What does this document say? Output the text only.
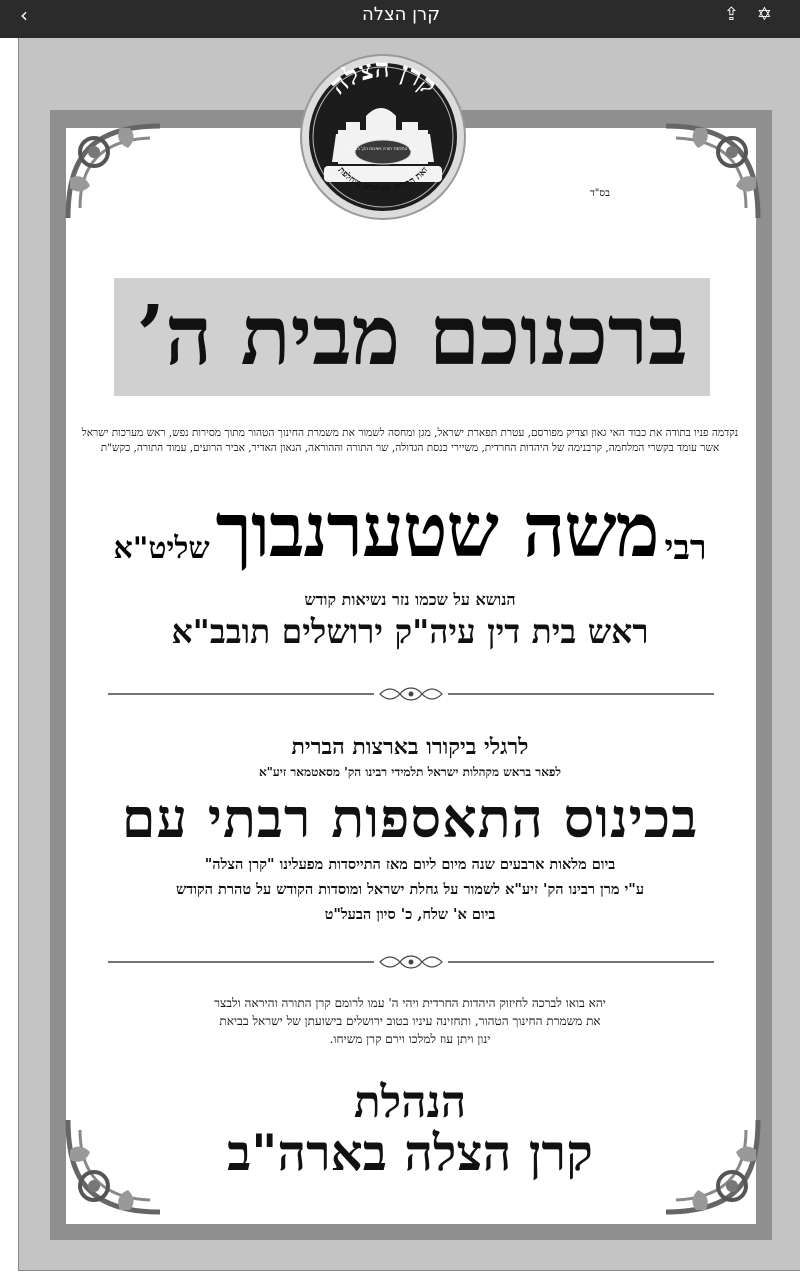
‹	קרן הצלה	⇪✡
קרן הצלה
לקיום התלמוד תורה וישיבות הק' בעה"ק
זאת התורה לא תהא מוחלפת
בס"ד
ברכנוכם מבית ה’
נקדמה פניו בתודה את כבוד האי גאון וצדיק מפורסם, עטרת תפארת ישראל, מגן ומחסה לשמור את משמרת החינוך הטהור מתוך מסירות נפש, ראש מערכות ישראל אשר עומד בקשרי המלחמה, קרבנימה של היהדות החרדית, משיירי כנסת הגדולה, שר התורה וההוראה, הגאון האדיר, אביר הרועים, עמוד התורה, כקש"ת
רבימשה שטערנבוךשליט"א
הנושא על שכמו נזר נשיאות קודש
ראש בית דין עיה"ק ירושלים תובב"א
לרגלי ביקורו בארצות הברית
לפאר בראש מקהלות ישראל תלמידי רבינו הק' מסאטמאר זיע"א
בכינוס התאספות רבתי עם
ביום מלאות ארבעים שנה מיום ליום מאז התייסדות מפעלינו "קרן הצלה"
ע"י מרן רבינו הק' זיע"א לשמור על גחלת ישראל ומוסדות הקודש על טהרת הקודש
ביום א' שלח, כ' סיון הבעל"ט
יהא בואו לברכה לחיזוק היהדות החרדית ויהי ה' עמו לרומם קרן התורה והיראה ולבצר
את משמרת החינוך הטהור, ותחזינה עיניו בטוב ירושלים בישועתן של ישראל בביאת
ינון ויתן עוז למלכו וירם קרן משיחו.
הנהלת
קרן הצלה בארה"ב
